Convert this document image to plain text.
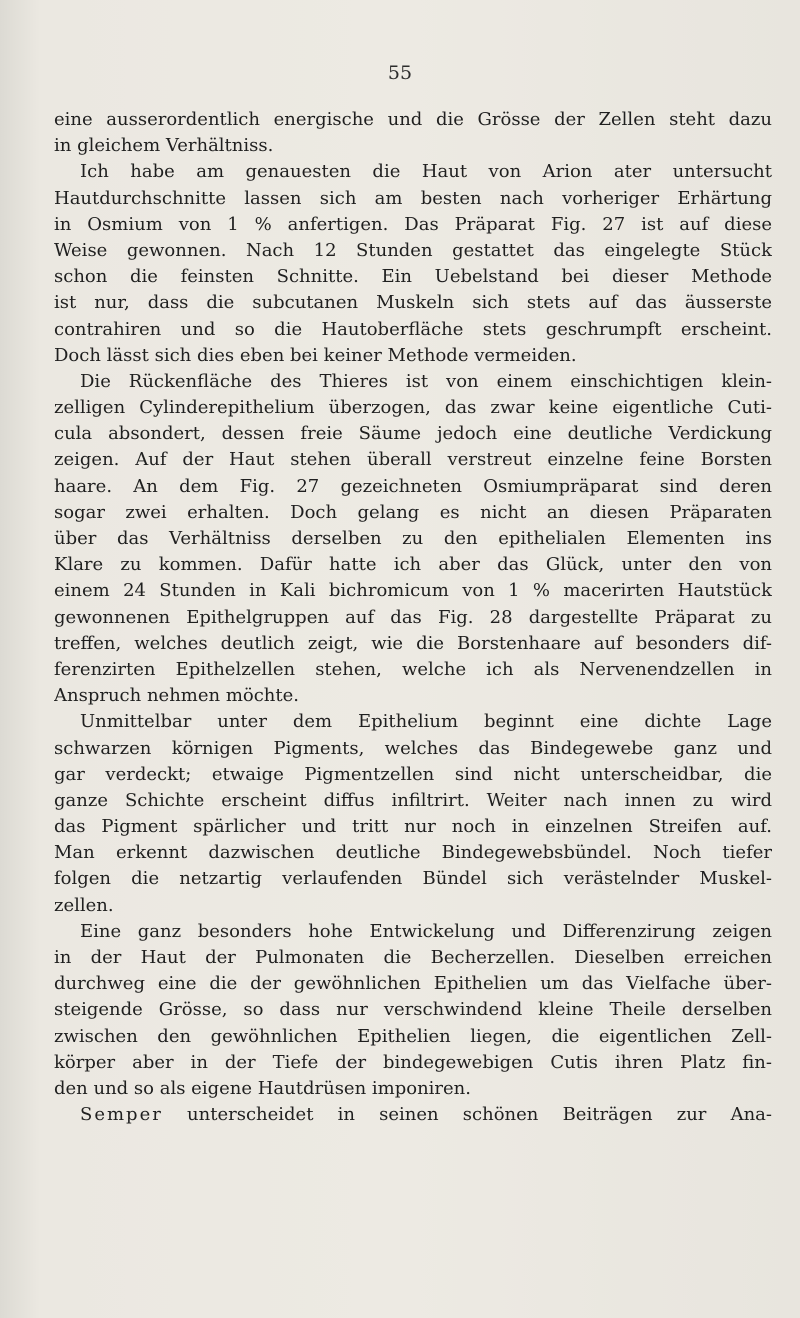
55
eine ausserordentlich energische und die Grösse der Zellen steht dazu
in gleichem Verhältniss.
Ich habe am genauesten die Haut von Arion ater untersucht
Hautdurchschnitte lassen sich am besten nach vorheriger Erhärtung
in Osmium von 1 % anfertigen. Das Präparat Fig. 27 ist auf diese
Weise gewonnen. Nach 12 Stunden gestattet das eingelegte Stück
schon die feinsten Schnitte. Ein Uebelstand bei dieser Methode
ist nur, dass die subcutanen Muskeln sich stets auf das äusserste
contrahiren und so die Hautoberfläche stets geschrumpft erscheint.
Doch lässt sich dies eben bei keiner Methode vermeiden.
Die Rückenfläche des Thieres ist von einem einschichtigen klein-
zelligen Cylinderepithelium überzogen, das zwar keine eigentliche Cuti-
cula absondert, dessen freie Säume jedoch eine deutliche Verdickung
zeigen. Auf der Haut stehen überall verstreut einzelne feine Borsten
haare. An dem Fig. 27 gezeichneten Osmiumpräparat sind deren
sogar zwei erhalten. Doch gelang es nicht an diesen Präparaten
über das Verhältniss derselben zu den epithelialen Elementen ins
Klare zu kommen. Dafür hatte ich aber das Glück, unter den von
einem 24 Stunden in Kali bichromicum von 1 % macerirten Hautstück
gewonnenen Epithelgruppen auf das Fig. 28 dargestellte Präparat zu
treffen, welches deutlich zeigt, wie die Borstenhaare auf besonders dif-
ferenzirten Epithelzellen stehen, welche ich als Nervenendzellen in
Anspruch nehmen möchte.
Unmittelbar unter dem Epithelium beginnt eine dichte Lage
schwarzen körnigen Pigments, welches das Bindegewebe ganz und
gar verdeckt; etwaige Pigmentzellen sind nicht unterscheidbar, die
ganze Schichte erscheint diffus infiltrirt. Weiter nach innen zu wird
das Pigment spärlicher und tritt nur noch in einzelnen Streifen auf.
Man erkennt dazwischen deutliche Bindegewebsbündel. Noch tiefer
folgen die netzartig verlaufenden Bündel sich verästelnder Muskel-
zellen.
Eine ganz besonders hohe Entwickelung und Differenzirung zeigen
in der Haut der Pulmonaten die Becherzellen. Dieselben erreichen
durchweg eine die der gewöhnlichen Epithelien um das Vielfache über-
steigende Grösse, so dass nur verschwindend kleine Theile derselben
zwischen den gewöhnlichen Epithelien liegen, die eigentlichen Zell-
körper aber in der Tiefe der bindegewebigen Cutis ihren Platz fin-
den und so als eigene Hautdrüsen imponiren.
Semper unterscheidet in seinen schönen Beiträgen zur Ana-
